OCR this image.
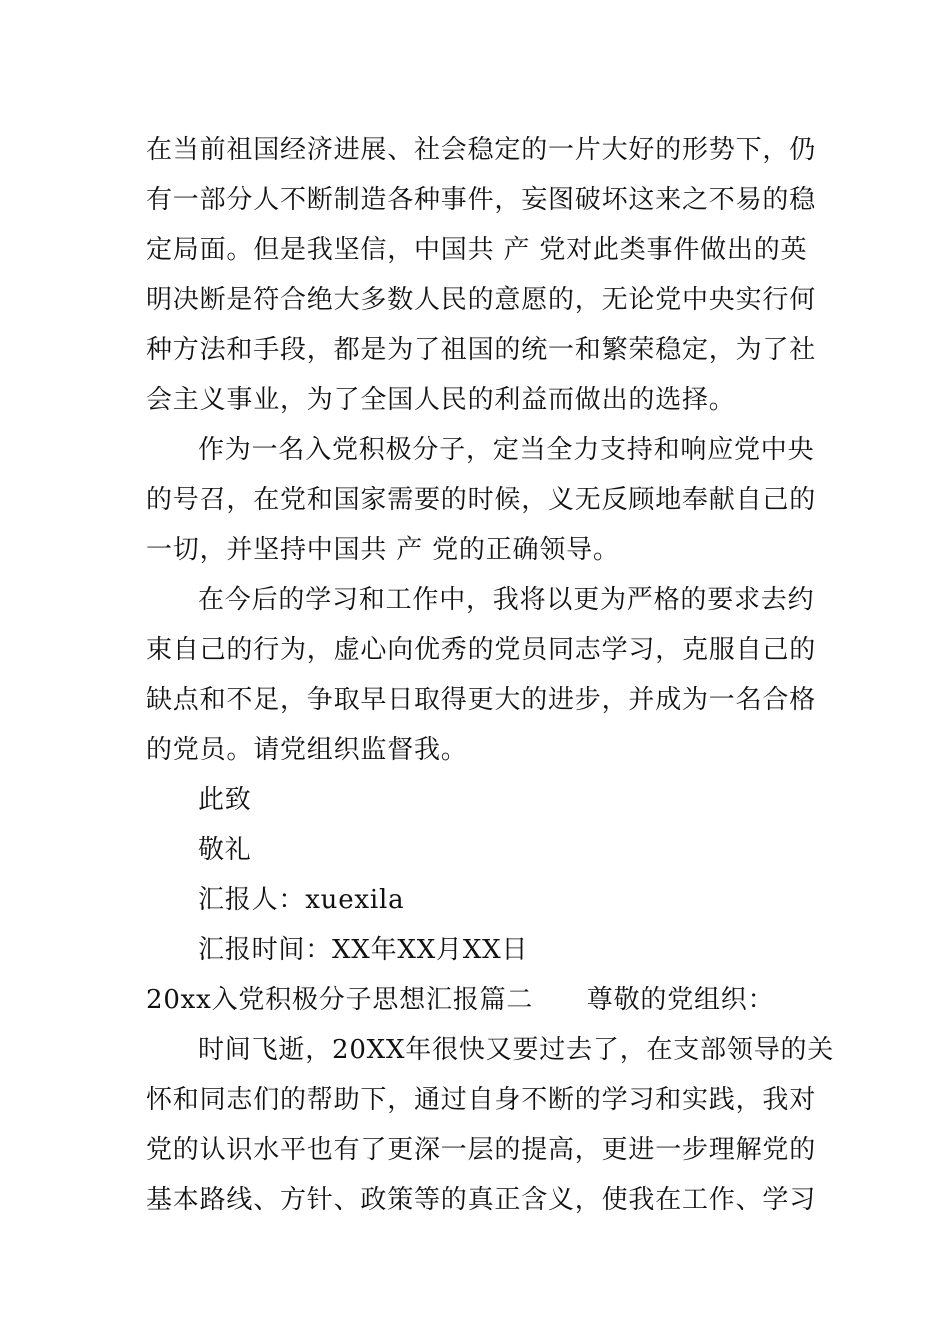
在当前祖国经济进展、社会稳定的一片大好的形势下，仍
有一部分人不断制造各种事件，妄图破坏这来之不易的稳
定局面。但是我坚信，中国共 产 党对此类事件做出的英
明决断是符合绝大多数人民的意愿的，无论党中央实行何
种方法和手段，都是为了祖国的统一和繁荣稳定，为了社
会主义事业，为了全国人民的利益而做出的选择。
作为一名入党积极分子，定当全力支持和响应党中央
的号召，在党和国家需要的时候，义无反顾地奉献自己的
一切，并坚持中国共 产 党的正确领导。
在今后的学习和工作中，我将以更为严格的要求去约
束自己的行为，虚心向优秀的党员同志学习，克服自己的
缺点和不足，争取早日取得更大的进步，并成为一名合格
的党员。请党组织监督我。
此致
敬礼
汇报人：xuexila
汇报时间：XX年XX月XX日
20xx入党积极分子思想汇报篇二　　尊敬的党组织：
时间飞逝，20XX年很快又要过去了，在支部领导的关
怀和同志们的帮助下，通过自身不断的学习和实践，我对
党的认识水平也有了更深一层的提高，更进一步理解党的
基本路线、方针、政策等的真正含义，使我在工作、学习
